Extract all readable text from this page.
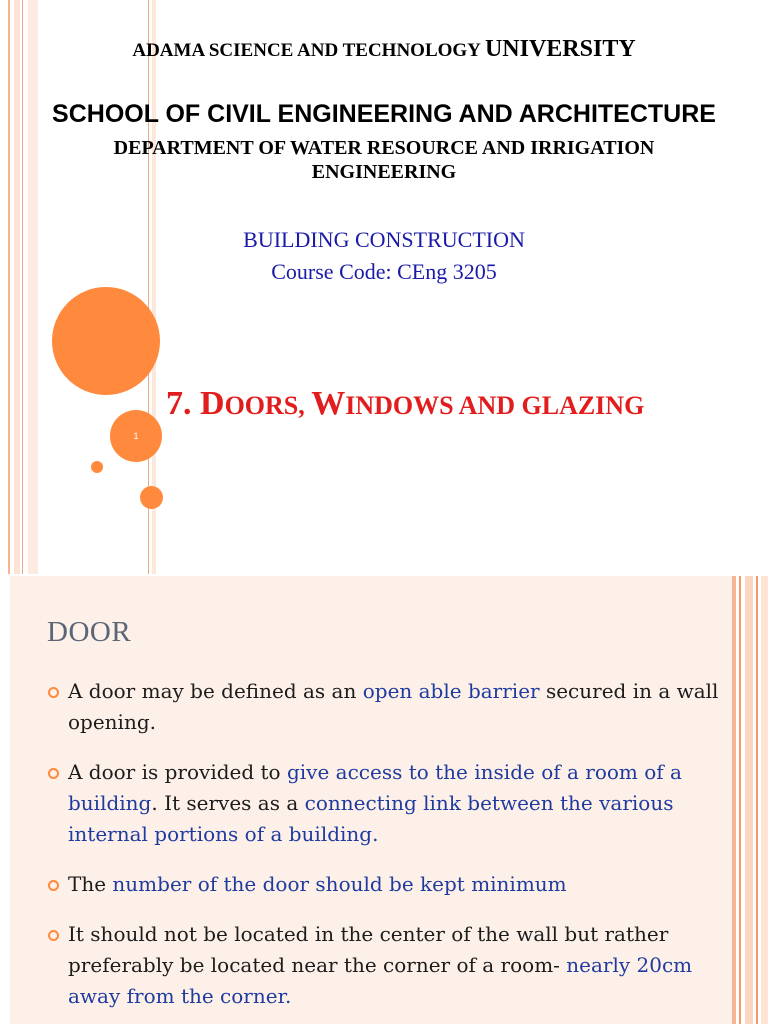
1
ADAMA SCIENCE AND TECHNOLOGY UNIVERSITY
SCHOOL OF CIVIL ENGINEERING AND ARCHITECTURE
DEPARTMENT OF WATER RESOURCE AND IRRIGATION ENGINEERING
BUILDING CONSTRUCTION
Course Code: CEng 3205
7. DOORS, WINDOWS AND GLAZING
DOOR
A door may be defined as an open able barrier secured in a wall opening.
A door is provided to give access to the inside of a room of a building. It serves as a connecting link between the various internal portions of a building.
The number of the door should be kept minimum
It should not be located in the center of the wall but rather preferably be located near the corner of a room- nearly 20cm away from the corner.
